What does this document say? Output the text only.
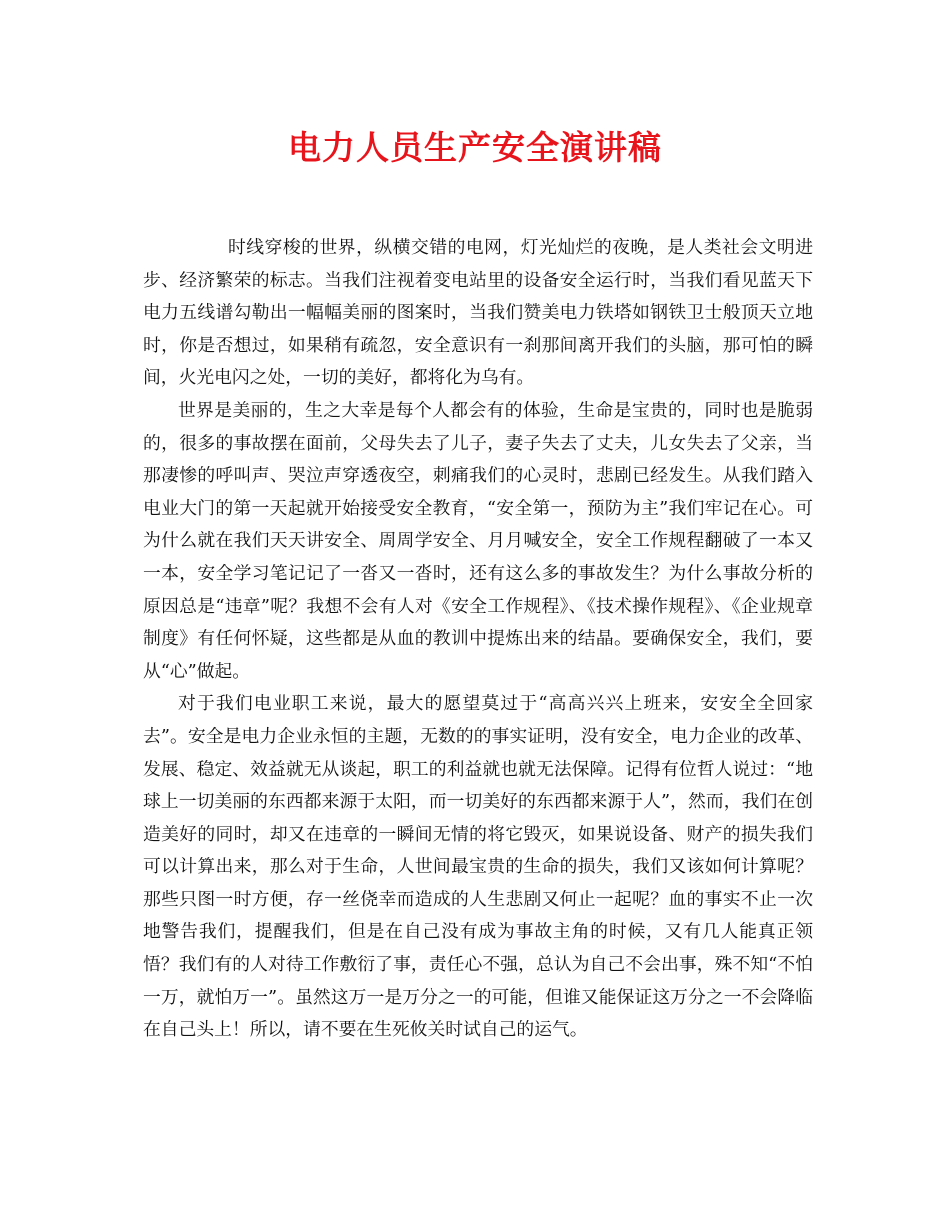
电力人员生产安全演讲稿

时线穿梭的世界，纵横交错的电网，灯光灿烂的夜晚，是人类社会文明进步、经济繁荣的标志。当我们注视着变电站里的设备安全运行时，当我们看见蓝天下电力五线谱勾勒出一幅幅美丽的图案时，当我们赞美电力铁塔如钢铁卫士般顶天立地时，你是否想过，如果稍有疏忽，安全意识有一刹那间离开我们的头脑，那可怕的瞬间，火光电闪之处，一切的美好，都将化为乌有。

世界是美丽的，生之大幸是每个人都会有的体验，生命是宝贵的，同时也是脆弱的，很多的事故摆在面前，父母失去了儿子，妻子失去了丈夫，儿女失去了父亲，当那凄惨的呼叫声、哭泣声穿透夜空，刺痛我们的心灵时，悲剧已经发生。从我们踏入电业大门的第一天起就开始接受安全教育，“安全第一，预防为主”我们牢记在心。可为什么就在我们天天讲安全、周周学安全、月月喊安全，安全工作规程翻破了一本又一本，安全学习笔记记了一沓又一沓时，还有这么多的事故发生？为什么事故分析的原因总是“违章”呢？我想不会有人对《安全工作规程》、《技术操作规程》、《企业规章制度》有任何怀疑，这些都是从血的教训中提炼出来的结晶。要确保安全，我们，要从“心”做起。

对于我们电业职工来说，最大的愿望莫过于“高高兴兴上班来，安安全全回家去”。安全是电力企业永恒的主题，无数的的事实证明，没有安全，电力企业的改革、发展、稳定、效益就无从谈起，职工的利益就也就无法保障。记得有位哲人说过：“地球上一切美丽的东西都来源于太阳，而一切美好的东西都来源于人”，然而，我们在创造美好的同时，却又在违章的一瞬间无情的将它毁灭，如果说设备、财产的损失我们可以计算出来，那么对于生命，人世间最宝贵的生命的损失，我们又该如何计算呢？那些只图一时方便，存一丝侥幸而造成的人生悲剧又何止一起呢？血的事实不止一次地警告我们，提醒我们，但是在自己没有成为事故主角的时候，又有几人能真正领悟？我们有的人对待工作敷衍了事，责任心不强，总认为自己不会出事，殊不知“不怕一万，就怕万一”。虽然这万一是万分之一的可能，但谁又能保证这万分之一不会降临在自己头上！所以，请不要在生死攸关时试自己的运气。
